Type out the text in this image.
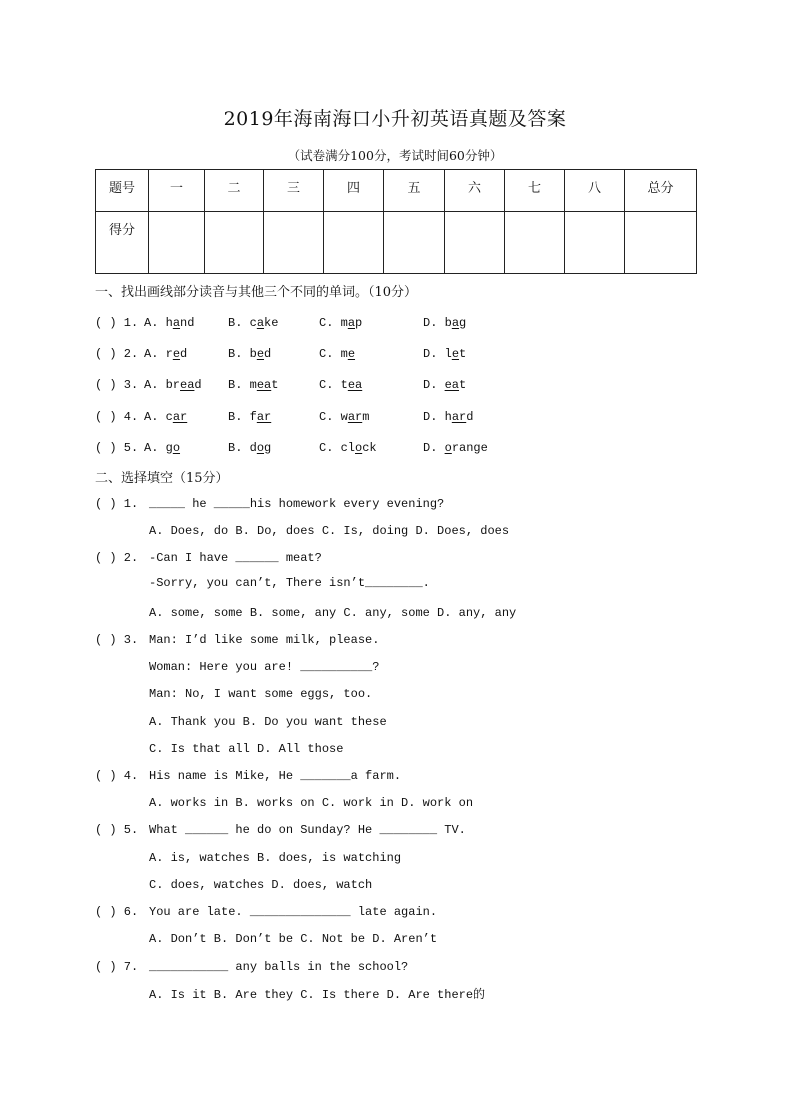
2019年海南海口小升初英语真题及答案
（试卷满分100分，考试时间60分钟）
题号	一	二	三	四	五	六	七	八	总分
得分									
一、找出画线部分读音与其他三个不同的单词。（10分）
( ) 1. A. hand	B. cake	C. map	D. bag
( ) 2. A. red	B. bed	C. me	D. let
( ) 3. A. bread B. meat	C. tea	D. eat
( ) 4. A. car	B. far	C. warm	D. hard
( ) 5. A. go	B. dog	C. clock	D. orange
二、选择填空（15分）
( ) 1. _____ he _____his homework every evening?
A. Does, do B. Do, does C. Is, doing D. Does, does
( ) 2. -Can I have ______ meat?
-Sorry, you can’t, There isn’t________.
A. some, some B. some, any C. any, some D. any, any
( ) 3. Man: I’d like some milk, please.
Woman: Here you are! __________?
Man: No, I want some eggs, too.
A. Thank you B. Do you want these
C. Is that all D. All those
( ) 4. His name is Mike, He _______a farm.
A. works in B. works on C. work in D. work on
( ) 5. What ______ he do on Sunday? He ________ TV.
A. is, watches B. does, is watching
C. does, watches D. does, watch
( ) 6. You are late. ______________ late again.
A. Don’t B. Don’t be C. Not be D. Aren’t
( ) 7. ___________ any balls in the school?
A. Is it B. Are they C. Is there D. Are there的
